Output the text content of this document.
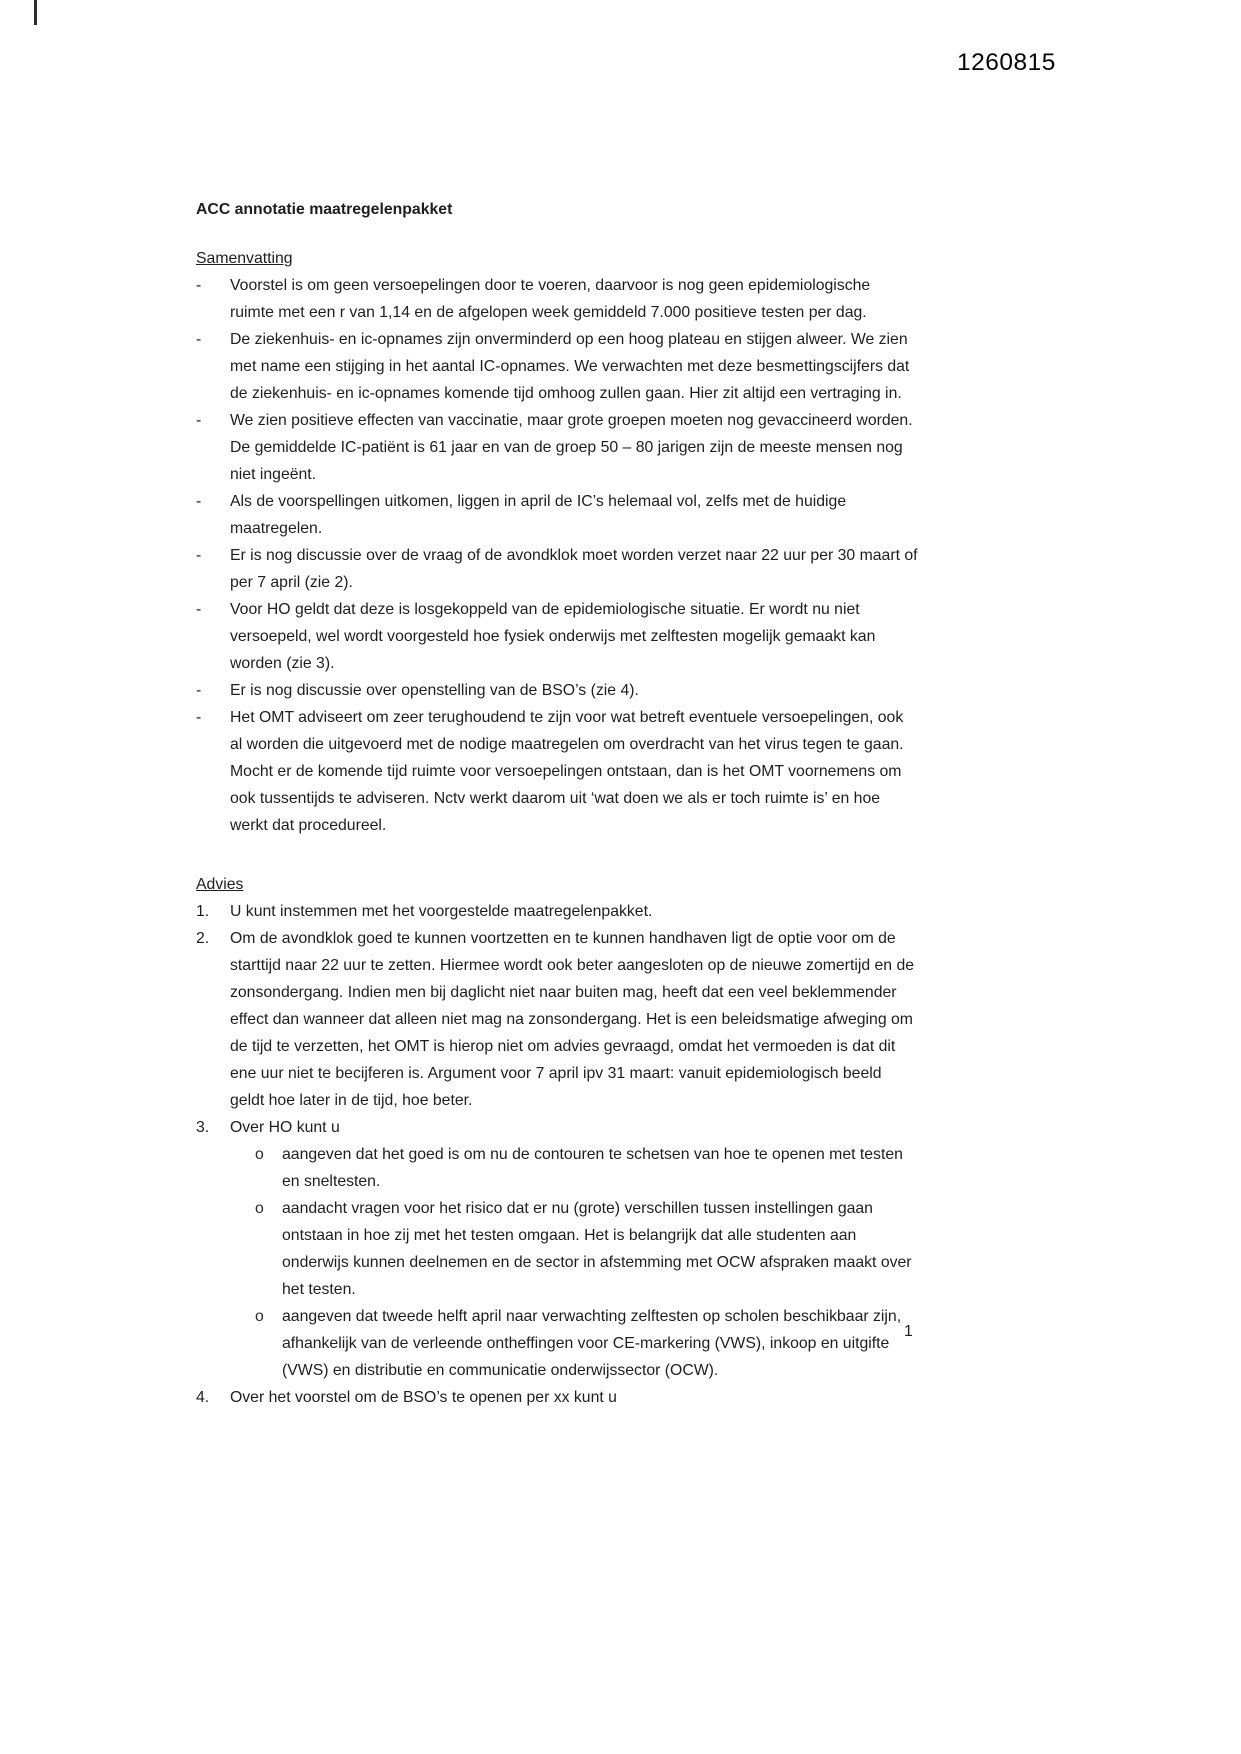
1260815
ACC annotatie maatregelenpakket
Samenvatting
-	Voorstel is om geen versoepelingen door te voeren, daarvoor is nog geen epidemiologische ruimte met een r van 1,14 en de afgelopen week gemiddeld 7.000 positieve testen per dag.
-	De ziekenhuis- en ic-opnames zijn onverminderd op een hoog plateau en stijgen alweer. We zien met name een stijging in het aantal IC-opnames. We verwachten met deze besmettingscijfers dat de ziekenhuis- en ic-opnames komende tijd omhoog zullen gaan. Hier zit altijd een vertraging in.
-	We zien positieve effecten van vaccinatie, maar grote groepen moeten nog gevaccineerd worden. De gemiddelde IC-patiënt is 61 jaar en van de groep 50 – 80 jarigen zijn de meeste mensen nog niet ingeënt.
-	Als de voorspellingen uitkomen, liggen in april de IC’s helemaal vol, zelfs met de huidige maatregelen.
-	Er is nog discussie over de vraag of de avondklok moet worden verzet naar 22 uur per 30 maart of per 7 april (zie 2).
-	Voor HO geldt dat deze is losgekoppeld van de epidemiologische situatie. Er wordt nu niet versoepeld, wel wordt voorgesteld hoe fysiek onderwijs met zelftesten mogelijk gemaakt kan worden (zie 3).
-	Er is nog discussie over openstelling van de BSO’s (zie 4).
-	Het OMT adviseert om zeer terughoudend te zijn voor wat betreft eventuele versoepelingen, ook al worden die uitgevoerd met de nodige maatregelen om overdracht van het virus tegen te gaan. Mocht er de komende tijd ruimte voor versoepelingen ontstaan, dan is het OMT voornemens om ook tussentijds te adviseren. Nctv werkt daarom uit ‘wat doen we als er toch ruimte is’ en hoe werkt dat procedureel.
Advies
1.	U kunt instemmen met het voorgestelde maatregelenpakket.
2.	Om de avondklok goed te kunnen voortzetten en te kunnen handhaven ligt de optie voor om de starttijd naar 22 uur te zetten. Hiermee wordt ook beter aangesloten op de nieuwe zomertijd en de zonsondergang. Indien men bij daglicht niet naar buiten mag, heeft dat een veel beklemmender effect dan wanneer dat alleen niet mag na zonsondergang. Het is een beleidsmatige afweging om de tijd te verzetten, het OMT is hierop niet om advies gevraagd, omdat het vermoeden is dat dit ene uur niet te becijferen is. Argument voor 7 april ipv 31 maart: vanuit epidemiologisch beeld geldt hoe later in de tijd, hoe beter.
3.	Over HO kunt u
o	aangeven dat het goed is om nu de contouren te schetsen van hoe te openen met testen en sneltesten.
o	aandacht vragen voor het risico dat er nu (grote) verschillen tussen instellingen gaan ontstaan in hoe zij met het testen omgaan. Het is belangrijk dat alle studenten aan onderwijs kunnen deelnemen en de sector in afstemming met OCW afspraken maakt over het testen.
o	aangeven dat tweede helft april naar verwachting zelftesten op scholen beschikbaar zijn, afhankelijk van de verleende ontheffingen voor CE-markering (VWS), inkoop en uitgifte (VWS) en distributie en communicatie onderwijssector (OCW).
4.	Over het voorstel om de BSO’s te openen per xx kunt u
1
